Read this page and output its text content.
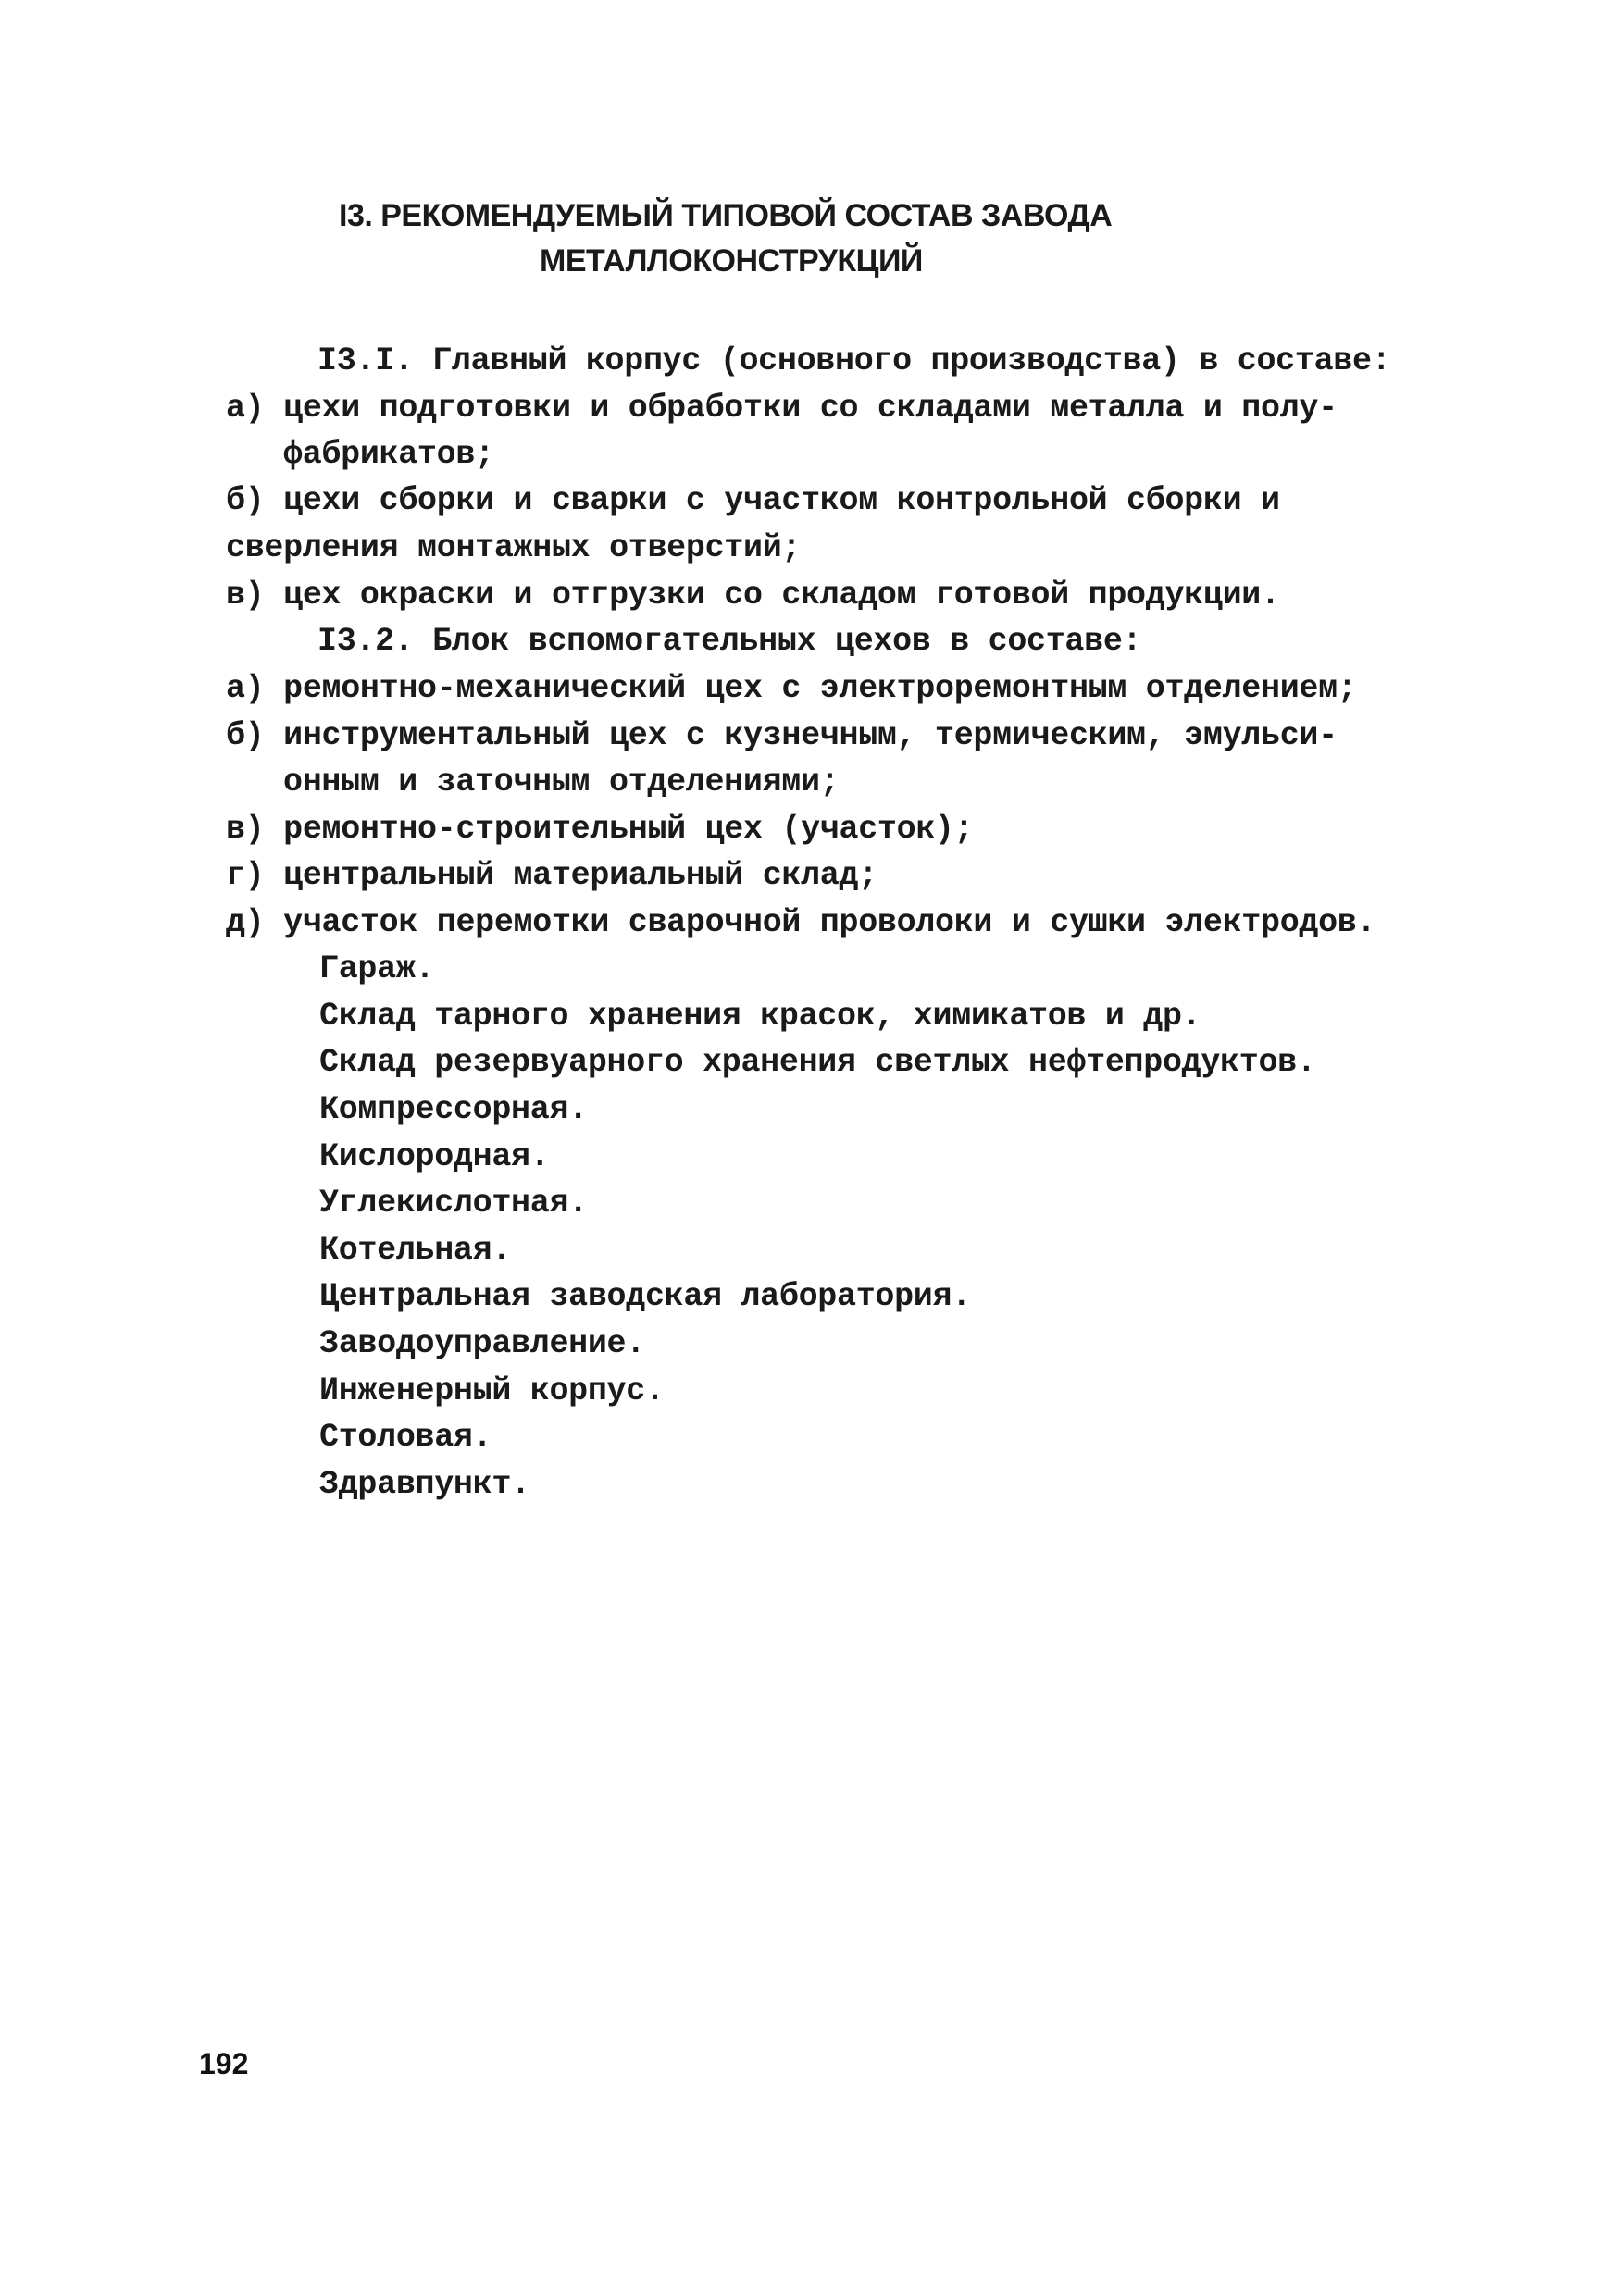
I3. РЕКОМЕНДУЕМЫЙ ТИПОВОЙ СОСТАВ ЗАВОДА
МЕТАЛЛОКОНСТРУКЦИЙ
I3.I. Главный корпус (основного производства) в составе:
а) цехи подготовки и обработки со складами металла и полу-
фабрикатов;
б) цехи сборки и сварки с участком контрольной сборки и
сверления монтажных отверстий;
в) цех окраски и отгрузки со складом готовой продукции.
I3.2. Блок вспомогательных цехов в составе:
а) ремонтно-механический цех с электроремонтным отделением;
б) инструментальный цех с кузнечным, термическим, эмульси-
онным и заточным отделениями;
в) ремонтно-строительный цех (участок);
г) центральный материальный склад;
д) участок перемотки сварочной проволоки и сушки электродов.
Гараж.
Склад тарного хранения красок, химикатов и др.
Склад резервуарного хранения светлых нефтепродуктов.
Компрессорная.
Кислородная.
Углекислотная.
Котельная.
Центральная заводская лаборатория.
Заводоуправление.
Инженерный корпус.
Столовая.
Здравпункт.
192
